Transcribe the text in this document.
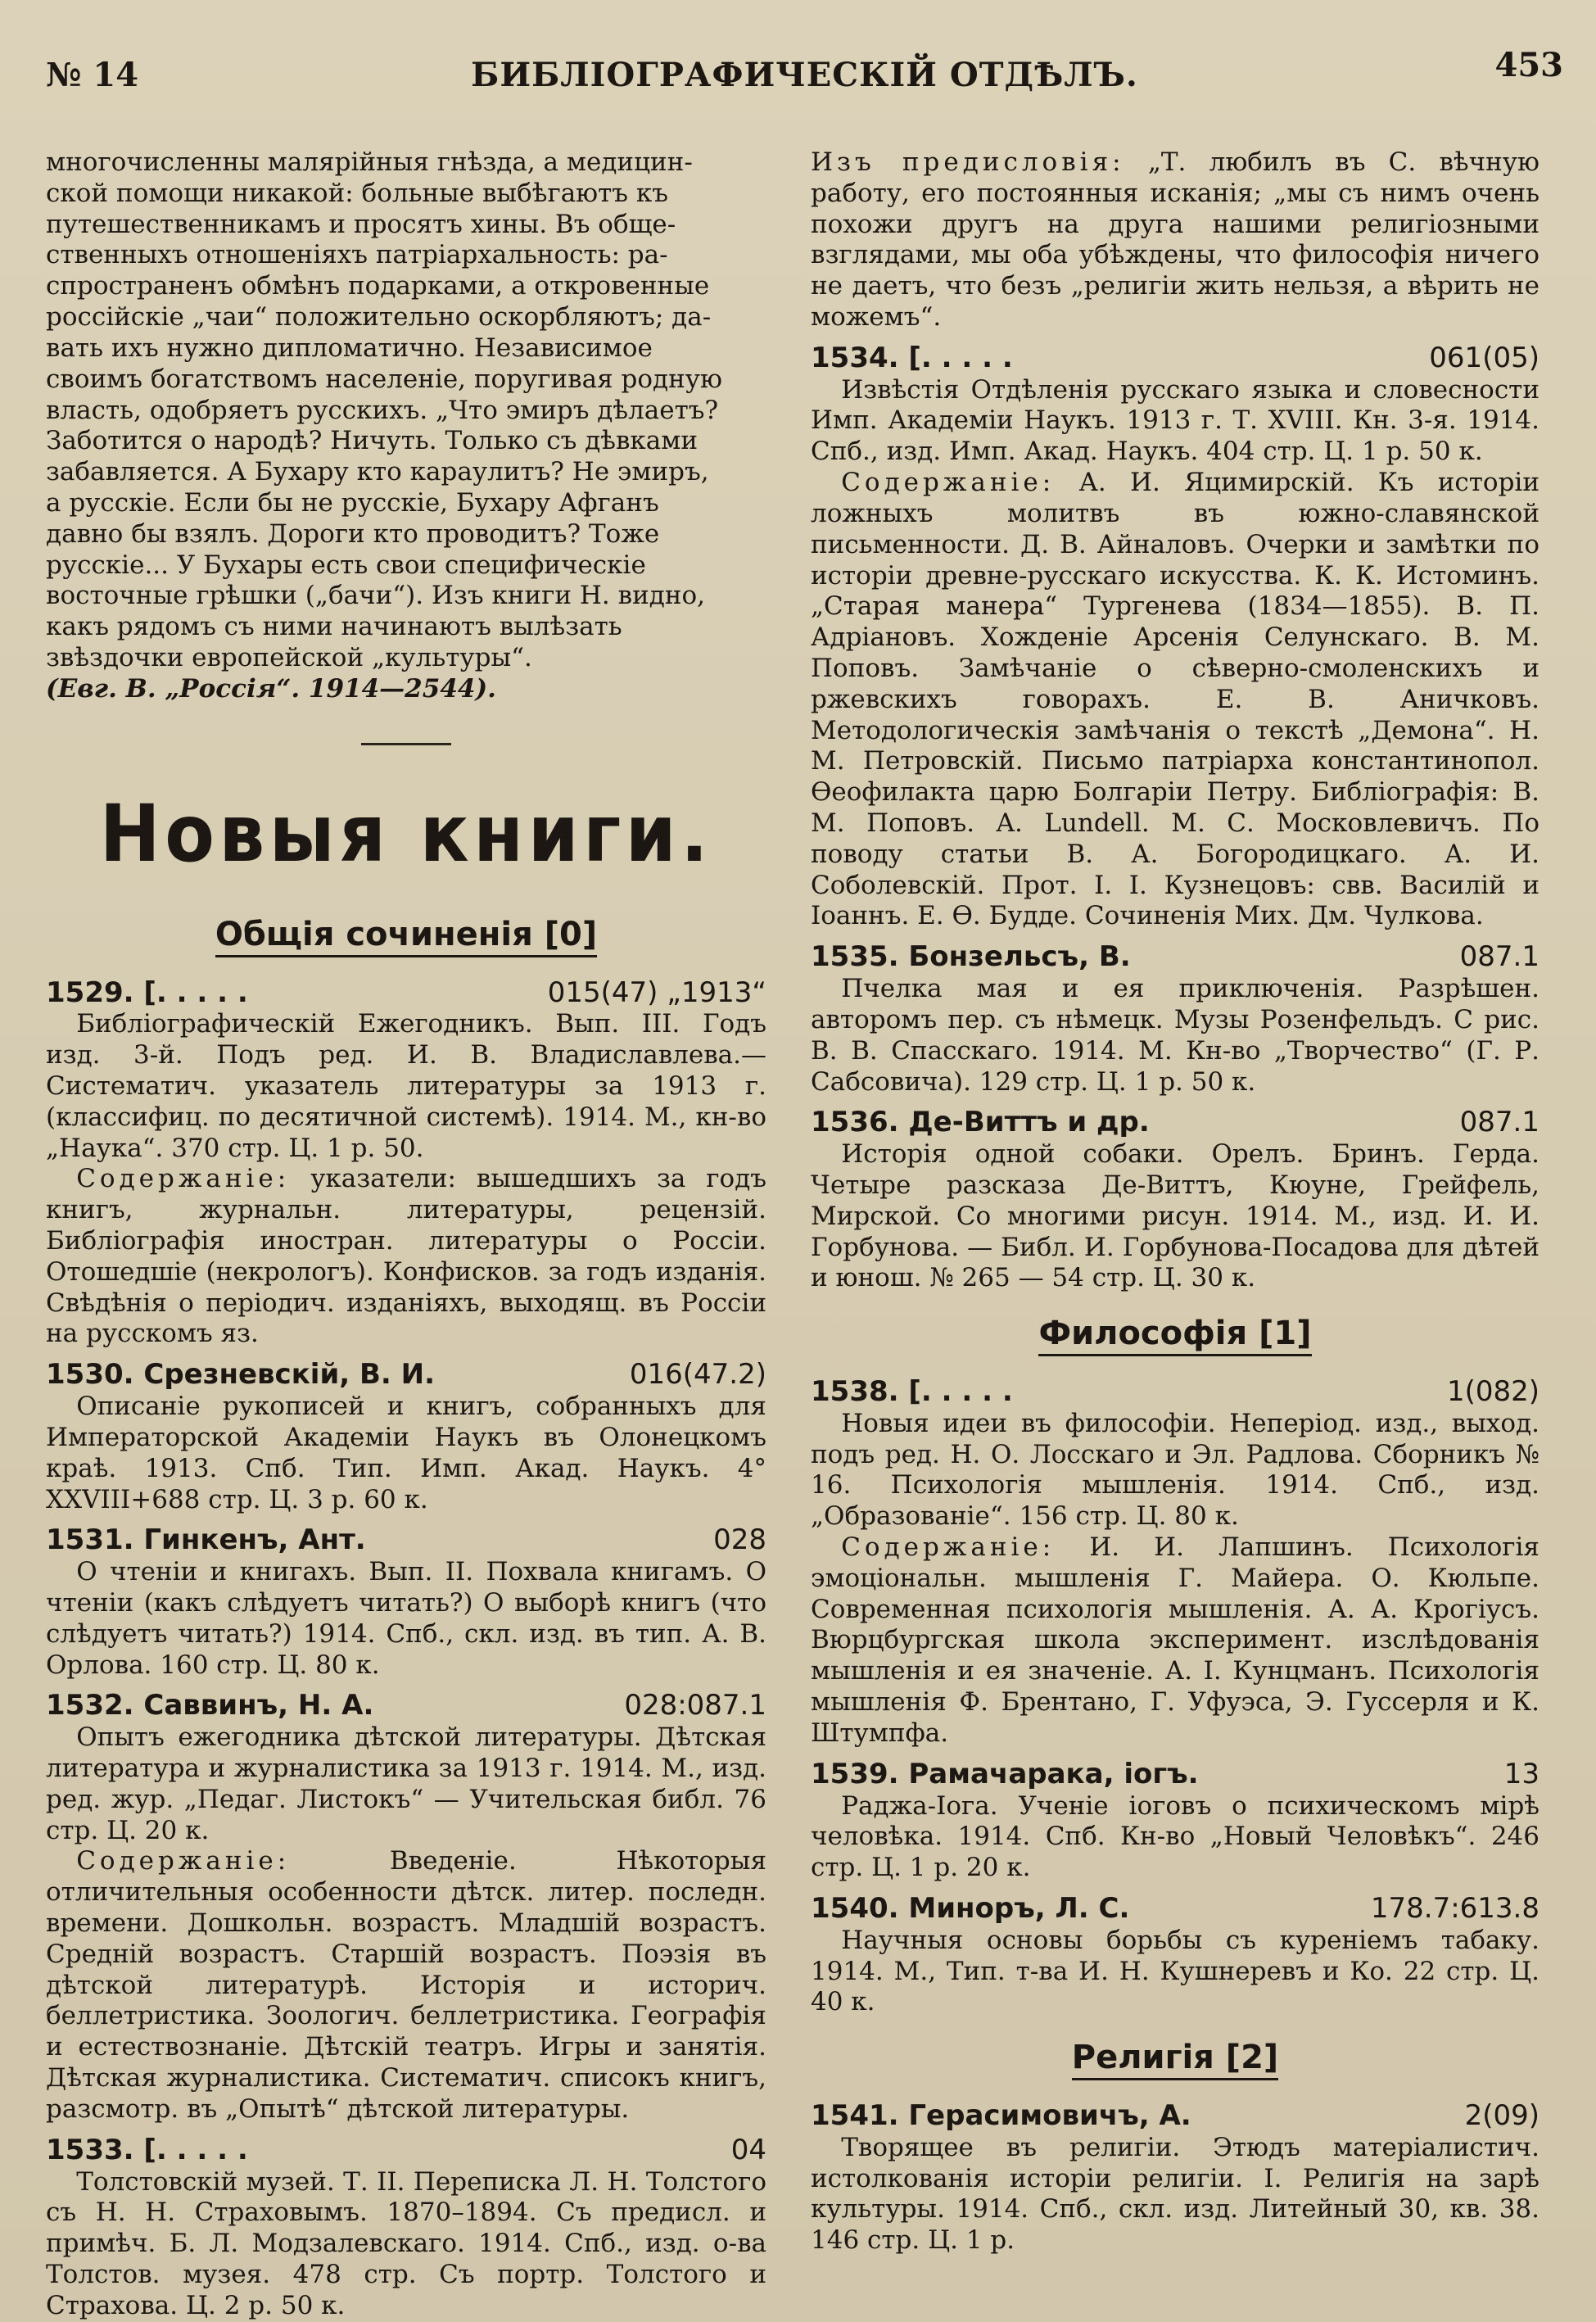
№ 14	БИБЛІОГРАФИЧЕСКІЙ ОТДѢЛЪ.	453
многочисленны малярійныя гнѣзда, а медицин-
ской помощи никакой: больные выбѣгаютъ къ
путешественникамъ и просятъ хины. Въ обще-
ственныхъ отношеніяхъ патріархальность: ра-
спространенъ обмѣнъ подарками, а откровенные
россійскіе „чаи“ положительно оскорбляютъ; да-
вать ихъ нужно дипломатично. Независимое
своимъ богатствомъ населеніе, поругивая родную
власть, одобряетъ русскихъ. „Что эмиръ дѣлаетъ?
Заботится о народѣ? Ничуть. Только съ дѣвками
забавляется. А Бухару кто караулитъ? Не эмиръ,
а русскіе. Если бы не русскіе, Бухару Афганъ
давно бы взялъ. Дороги кто проводитъ? Тоже
русскіе... У Бухары есть свои специфическіе
восточные грѣшки („бачи“). Изъ книги Н. видно,
какъ рядомъ съ ними начинаютъ вылѣзать
звѣздочки европейской „культуры“.

(Евг. В. „Россія“. 1914—2544).

Новыя книги.
Общія сочиненія [0]
1529. [. . . . .	015(47) „1913“

Библіографическій Ежегодникъ. Вып. III. Годъ изд. 3-й. Подъ ред. И. В. Владиславлева.—Систематич. указатель литературы за 1913 г. (классифиц. по десятичной системѣ). 1914. М., кн-во „Наука“. 370 стр. Ц. 1 р. 50.

Содержаніе: указатели: вышедшихъ за годъ книгъ, журнальн. литературы, рецензій. Библіографія иностран. литературы о Россіи. Отошедшіе (некрологъ). Конфисков. за годъ изданія. Свѣдѣнія о періодич. изданіяхъ, выходящ. въ Россіи на русскомъ яз.

1530. Срезневскій, В. И.	016(47.2)

Описаніе рукописей и книгъ, собранныхъ для Императорской Академіи Наукъ въ Олонецкомъ краѣ. 1913. Спб. Тип. Имп. Акад. Наукъ. 4° XXVIII+688 стр. Ц. 3 р. 60 к.

1531. Гинкенъ, Ант.	028

О чтеніи и книгахъ. Вып. II. Похвала книгамъ. О чтеніи (какъ слѣдуетъ читать?) О выборѣ книгъ (что слѣдуетъ читать?) 1914. Спб., скл. изд. въ тип. А. В. Орлова. 160 стр. Ц. 80 к.

1532. Саввинъ, Н. А.	028:087.1

Опытъ ежегодника дѣтской литературы. Дѣтская литература и журналистика за 1913 г. 1914. М., изд. ред. жур. „Педаг. Листокъ“ — Учительская библ. 76 стр. Ц. 20 к.

Содержаніе:	Введеніе. Нѣкоторыя отличительныя особенности дѣтск. литер. последн. времени. Дошкольн. возрастъ. Младшій возрастъ. Средній возрастъ. Старшій возрастъ. Поэзія въ дѣтской литературѣ. Исторія и историч. беллетристика. Зоологич. беллетристика. Географія и естествознаніе. Дѣтскій театръ. Игры и занятія. Дѣтская журналистика. Систематич. списокъ книгъ, разсмотр. въ „Опытѣ“ дѣтской литературы.

1533. [. . . . .	04

Толстовскій музей. Т. II. Переписка Л. Н. Толстого съ Н. Н. Страховымъ. 1870–1894. Съ предисл. и примѣч. Б. Л. Модзалевскаго. 1914. Спб., изд. о-ва Толстов. музея. 478 стр. Съ портр. Толстого и Страхова. Ц. 2 р. 50 к.

Изъ предисловія: „Т. любилъ въ С. вѣчную работу, его постоянныя исканія; „мы съ нимъ очень похожи другъ на друга нашими религіозными взглядами, мы оба убѣждены, что философія ничего не даетъ, что безъ „религіи жить нельзя, а вѣрить не можемъ“.

1534. [. . . . .	061(05)

Извѣстія Отдѣленія русскаго языка и словесности Имп. Академіи Наукъ. 1913 г. Т. XVIII. Кн. 3-я. 1914. Спб., изд. Имп. Акад. Наукъ. 404 стр. Ц. 1 р. 50 к.

Содержаніе: А. И. Яцимирскій. Къ исторіи ложныхъ молитвъ въ южно-славянской письменности. Д. В. Айналовъ. Очерки и замѣтки по исторіи древне-русскаго искусства. К. К. Истоминъ. „Старая манера“ Тургенева (1834—1855). В. П. Адріановъ. Хожденіе Арсенія Селунскаго. В. М. Поповъ. Замѣчаніе о сѣверно-смоленскихъ и ржевскихъ говорахъ. Е. В. Аничковъ. Методологическія замѣчанія о текстѣ „Демона“. Н. М. Петровскій. Письмо патріарха константинопол. Ѳеофилакта царю Болгаріи Петру. Библіографія: В. М. Поповъ. A. Lundell. М. С. Московлевичъ. По поводу статьи В. А. Богородицкаго. А. И. Соболевскій. Прот. І. І. Кузнецовъ: свв. Василій и Іоаннъ. Е. Ѳ. Будде. Сочиненія Мих. Дм. Чулкова.

1535. Бонзельсъ, В.	087.1

Пчелка мая и ея приключенія. Разрѣшен. авторомъ пер. съ нѣмецк. Музы Розенфельдъ. С рис. В. В. Спасскаго. 1914. М. Кн-во „Творчество“ (Г. Р. Сабсовича). 129 стр. Ц. 1 р. 50 к.

1536. Де-Виттъ и др.	087.1

Исторія одной собаки. Орелъ. Бринъ. Герда. Четыре разсказа Де-Виттъ, Кюуне, Грейфель, Мирской. Со многими рисун. 1914. М., изд. И. И. Горбунова. — Библ. И. Горбунова-Посадова для дѣтей и юнош. № 265 — 54 стр. Ц. 30 к.

Философія [1]
1538. [. . . . .	1(082)

Новыя идеи въ философіи. Неперіод. изд., выход. подъ ред. Н. О. Лосскаго и Эл. Радлова. Сборникъ № 16. Психологія мышленія. 1914. Спб., изд. „Образованіе“. 156 стр. Ц. 80 к.

Содержаніе: И. И. Лапшинъ. Психологія эмоціональн. мышленія Г. Майера. О. Кюльпе. Современная психологія мышленія. А. А. Крогіусъ. Вюрцбургская школа эксперимент. изслѣдованія мышленія и ея значеніе. А. І. Кунцманъ. Психологія мышленія Ф. Брентано, Г. Уфуэса, Э. Гуссерля и К. Штумпфа.

1539. Рамачарака, іогъ.	13

Раджа-Іога. Ученіе іоговъ о психическомъ мірѣ человѣка. 1914. Спб. Кн-во „Новый Человѣкъ“. 246 стр. Ц. 1 р. 20 к.

1540. Миноръ, Л. С.	178.7:613.8

Научныя основы борьбы съ куреніемъ табаку. 1914. М., Тип. т-ва И. Н. Кушнеревъ и Ко. 22 стр. Ц. 40 к.

Религія [2]
1541. Герасимовичъ, А.	2(09)

Творящее въ религіи. Этюдъ матеріалистич. истолкованія исторіи религіи. І. Религія на зарѣ культуры. 1914. Спб., скл. изд. Литейный 30, кв. 38. 146 стр. Ц. 1 р.
